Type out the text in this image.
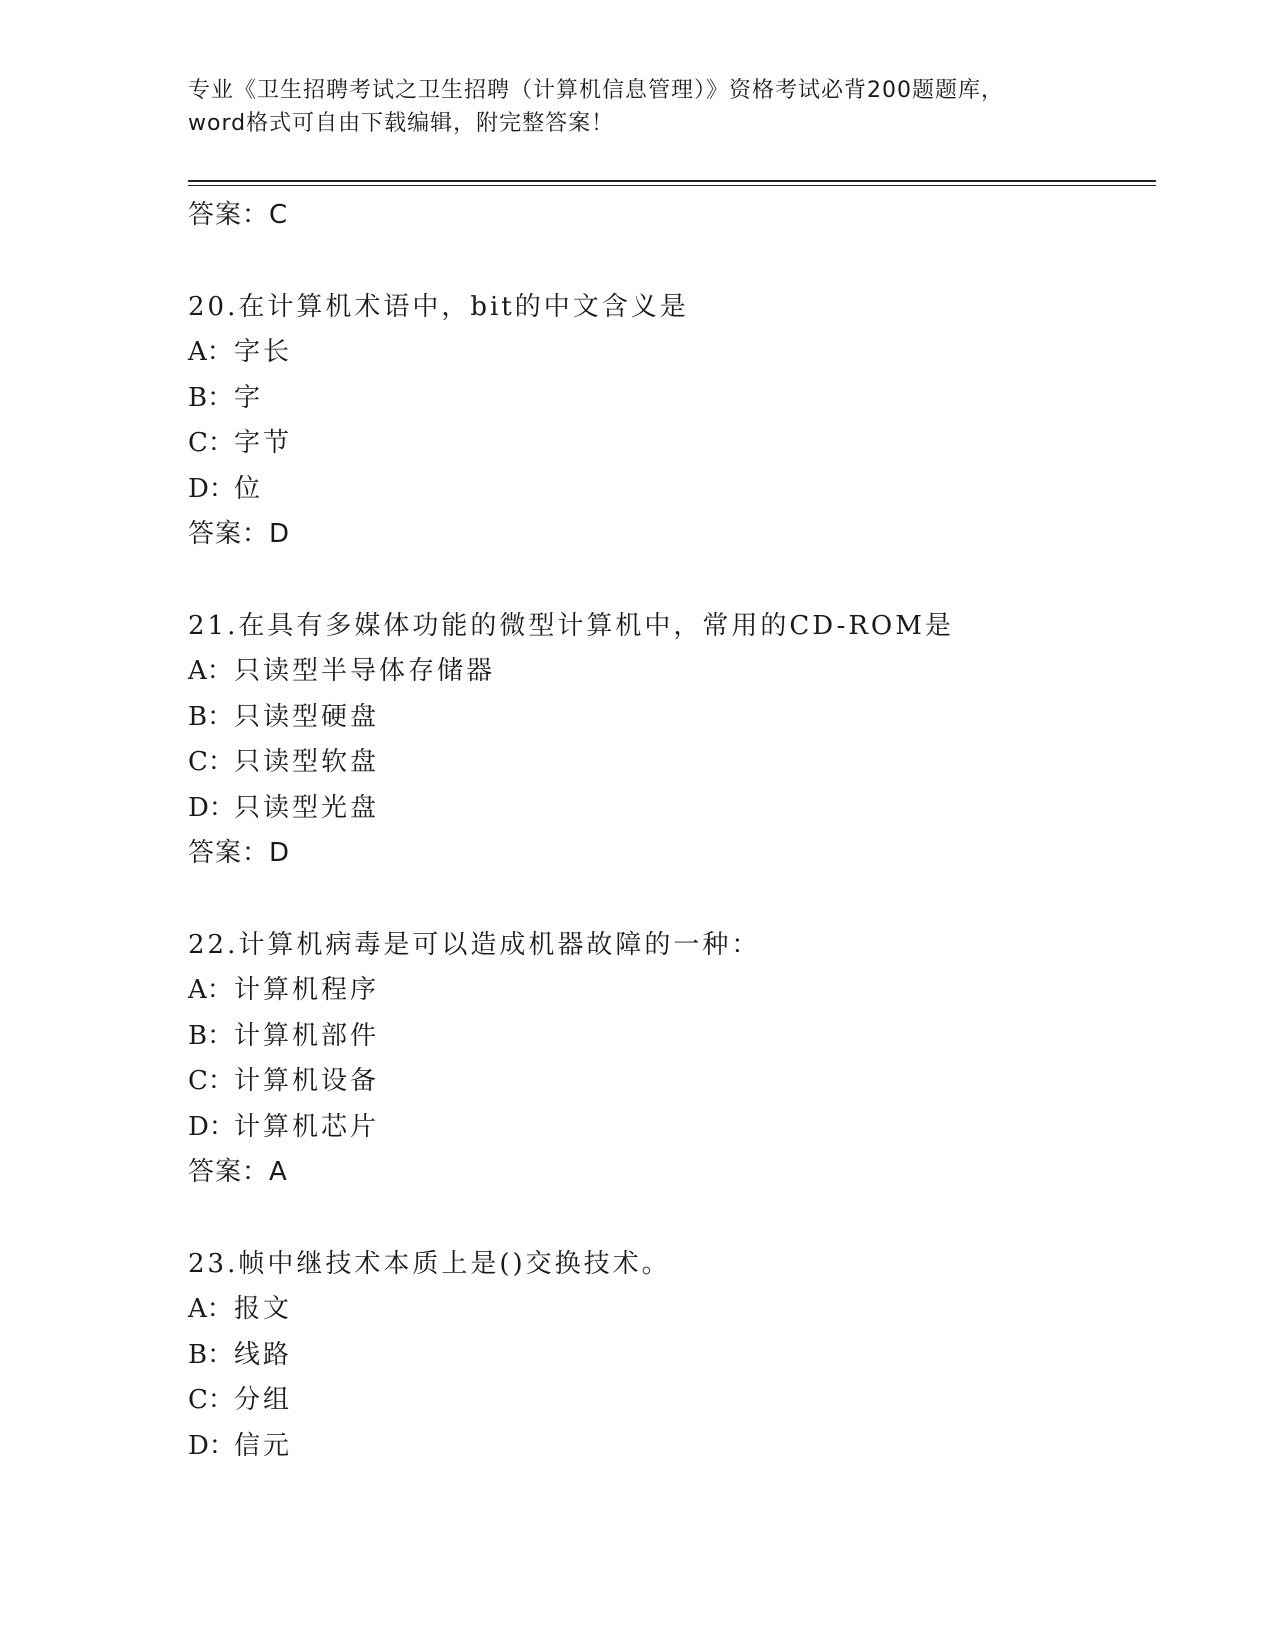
专业《卫生招聘考试之卫生招聘（计算机信息管理）》资格考试必背200题题库，
word格式可自由下载编辑，附完整答案！
答案：C
20.在计算机术语中，bit的中文含义是
A：字长
B：字
C：字节
D：位
答案：D
21.在具有多媒体功能的微型计算机中，常用的CD-ROM是
A：只读型半导体存储器
B：只读型硬盘
C：只读型软盘
D：只读型光盘
答案：D
22.计算机病毒是可以造成机器故障的一种：
A：计算机程序
B：计算机部件
C：计算机设备
D：计算机芯片
答案：A
23.帧中继技术本质上是()交换技术。
A：报文
B：线路
C：分组
D：信元
